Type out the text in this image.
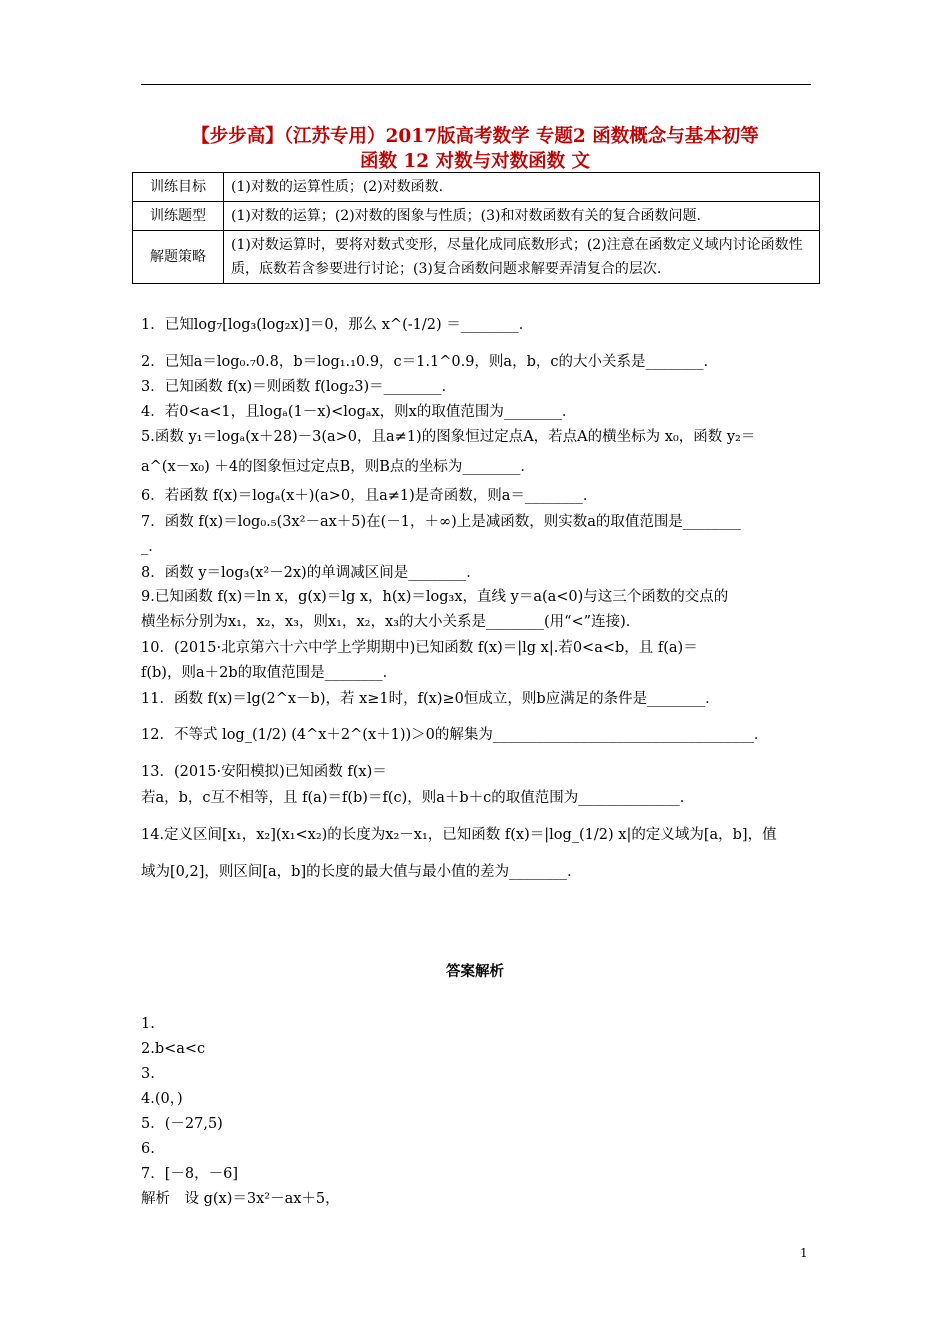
【步步高】（江苏专用）2017版高考数学 专题2 函数概念与基本初等
函数 12 对数与对数函数 文
训练目标	(1)对数的运算性质；(2)对数函数.
训练题型	(1)对数的运算；(2)对数的图象与性质；(3)和对数函数有关的复合函数问题.
解题策略	(1)对数运算时，要将对数式变形，尽量化成同底数形式；(2)注意在函数定义域内讨论函数性质，底数若含参要进行讨论；(3)复合函数问题求解要弄清复合的层次.
1．已知log₇[log₃(log₂x)]＝0，那么 x^(-1/2) ＝________．
2．已知a＝log₀.₇0.8，b＝log₁.₁0.9，c＝1.1^0.9，则a，b，c的大小关系是________．
3．已知函数 f(x)＝则函数 f(log₂3)＝________．
4．若0<a<1，且logₐ(1－x)<logₐx，则x的取值范围为________．
5.函数 y₁＝logₐ(x＋28)－3(a>0，且a≠1)的图象恒过定点A，若点A的横坐标为 x₀，函数 y₂＝
a^(x－x₀) ＋4的图象恒过定点B，则B点的坐标为________．
6．若函数 f(x)＝logₐ(x＋)(a>0，且a≠1)是奇函数，则a＝________．
7．函数 f(x)＝log₀.₅(3x²－ax＋5)在(－1，＋∞)上是减函数，则实数a的取值范围是________
_．
8．函数 y＝log₃(x²－2x)的单调减区间是________．
9.已知函数 f(x)＝ln x，g(x)＝lg x，h(x)＝log₃x，直线 y＝a(a<0)与这三个函数的交点的
横坐标分别为x₁，x₂，x₃，则x₁，x₂，x₃的大小关系是________(用“<”连接)．
10．(2015·北京第六十六中学上学期期中)已知函数 f(x)＝|lg x|.若0<a<b，且 f(a)＝
f(b)，则a＋2b的取值范围是________．
11．函数 f(x)＝lg(2^x－b)，若 x≥1时，f(x)≥0恒成立，则b应满足的条件是________．
12．不等式 log_(1/2) (4^x＋2^(x＋1))＞0的解集为____________________________________．
13．(2015·安阳模拟)已知函数 f(x)＝
若a，b，c互不相等，且 f(a)＝f(b)＝f(c)，则a＋b＋c的取值范围为______________．
14.定义区间[x₁，x₂](x₁<x₂)的长度为x₂－x₁，已知函数 f(x)＝|log_(1/2) x|的定义域为[a，b]，值
域为[0,2]，则区间[a，b]的长度的最大值与最小值的差为________．
答案解析
1.
2.b<a<c
3.
4.(0，)
5．(－27,5)
6.
7．[－8，－6]
解析　设 g(x)＝3x²－ax＋5，
1
